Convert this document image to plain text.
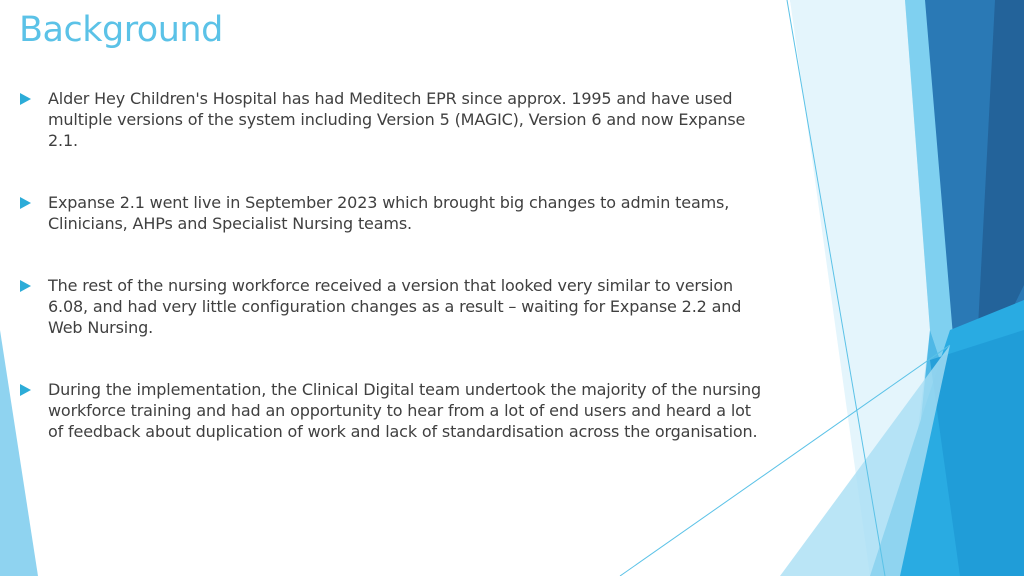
Background
Alder Hey Children's Hospital has had Meditech EPR since approx. 1995 and have used
multiple versions of the system including Version 5 (MAGIC), Version 6 and now Expanse
2.1.
Expanse 2.1 went live in September 2023 which brought big changes to admin teams,
Clinicians, AHPs and Specialist Nursing teams.
The rest of the nursing workforce received a version that looked very similar to version
6.08, and had very little configuration changes as a result – waiting for Expanse 2.2 and
Web Nursing.
During the implementation, the Clinical Digital team undertook the majority of the nursing
workforce training and had an opportunity to hear from a lot of end users and heard a lot
of feedback about duplication of work and lack of standardisation across the organisation.
